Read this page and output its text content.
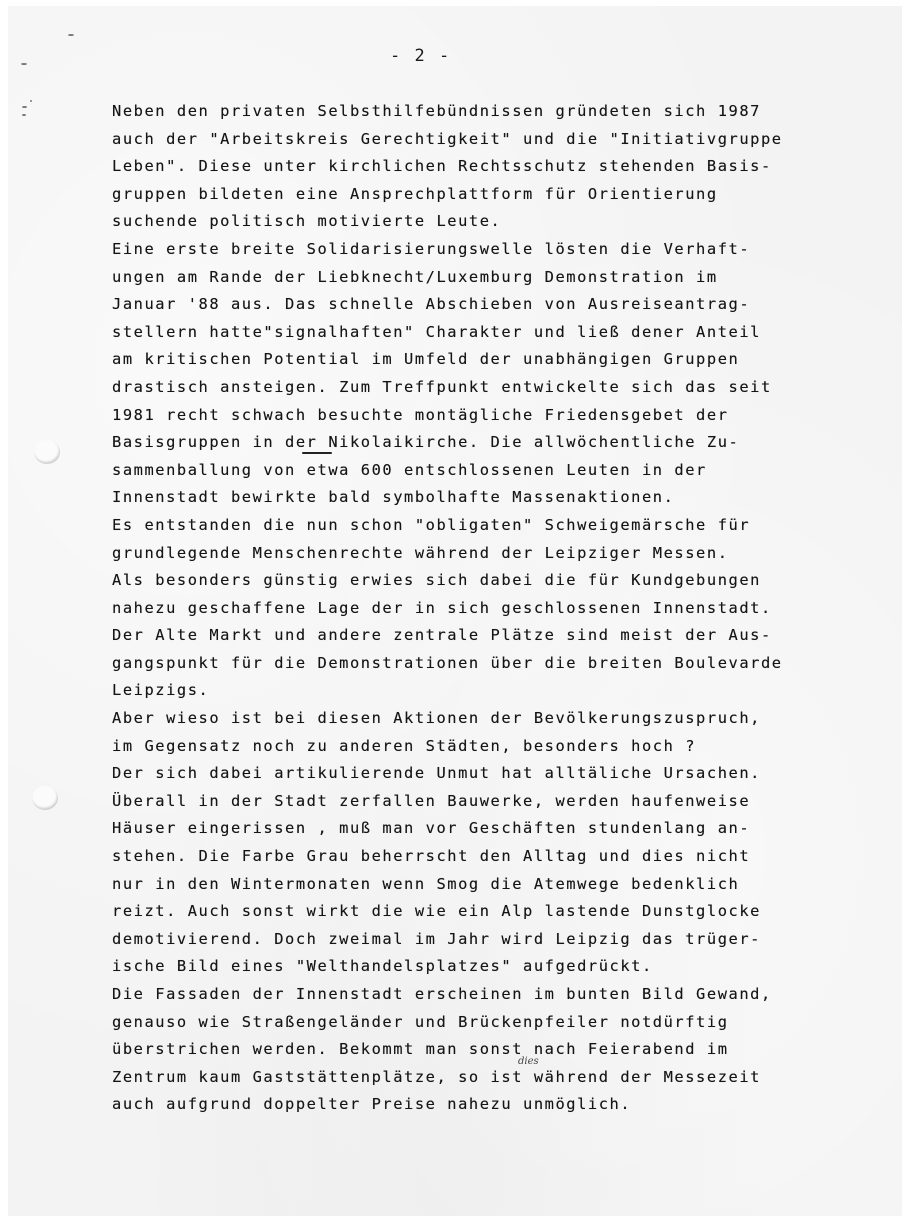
- 2 -
Neben den privaten Selbsthilfebündnissen gründeten sich 1987
auch der "Arbeitskreis Gerechtigkeit" und die "Initiativgruppe
Leben". Diese unter kirchlichen Rechtsschutz stehenden Basis-
gruppen bildeten eine Ansprechplattform für Orientierung
suchende politisch motivierte Leute.
Eine erste breite Solidarisierungswelle lösten die Verhaft-
ungen am Rande der Liebknecht/Luxemburg Demonstration im
Januar '88 aus. Das schnelle Abschieben von Ausreiseantrag-
stellern hatte"signalhaften" Charakter und ließ dener Anteil
am kritischen Potential im Umfeld der unabhängigen Gruppen
drastisch ansteigen. Zum Treffpunkt entwickelte sich das seit
1981 recht schwach besuchte montägliche Friedensgebet der
Basisgruppen in der Nikolaikirche. Die allwöchentliche Zu-
sammenballung von etwa 600 entschlossenen Leuten in der
Innenstadt bewirkte bald symbolhafte Massenaktionen.
Es entstanden die nun schon "obligaten" Schweigemärsche für
grundlegende Menschenrechte während der Leipziger Messen.
Als besonders günstig erwies sich dabei die für Kundgebungen
nahezu geschaffene Lage der in sich geschlossenen Innenstadt.
Der Alte Markt und andere zentrale Plätze sind meist der Aus-
gangspunkt für die Demonstrationen über die breiten Boulevarde
Leipzigs.
Aber wieso ist bei diesen Aktionen der Bevölkerungszuspruch,
im Gegensatz noch zu anderen Städten, besonders hoch ?
Der sich dabei artikulierende Unmut hat alltäliche Ursachen.
Überall in der Stadt zerfallen Bauwerke, werden haufenweise
Häuser eingerissen , muß man vor Geschäften stundenlang an-
stehen. Die Farbe Grau beherrscht den Alltag und dies nicht
nur in den Wintermonaten wenn Smog die Atemwege bedenklich
reizt. Auch sonst wirkt die wie ein Alp lastende Dunstglocke
demotivierend. Doch zweimal im Jahr wird Leipzig das trüger-
ische Bild eines "Welthandelsplatzes" aufgedrückt.
Die Fassaden der Innenstadt erscheinen im bunten Bild Gewand,
genauso wie Straßengeländer und Brückenpfeiler notdürftig
überstrichen werden. Bekommt man sonst nach Feierabend im
Zentrum kaum Gaststättenplätze, so ist während der Messezeit
auch aufgrund doppelter Preise nahezu unmöglich.
dies
